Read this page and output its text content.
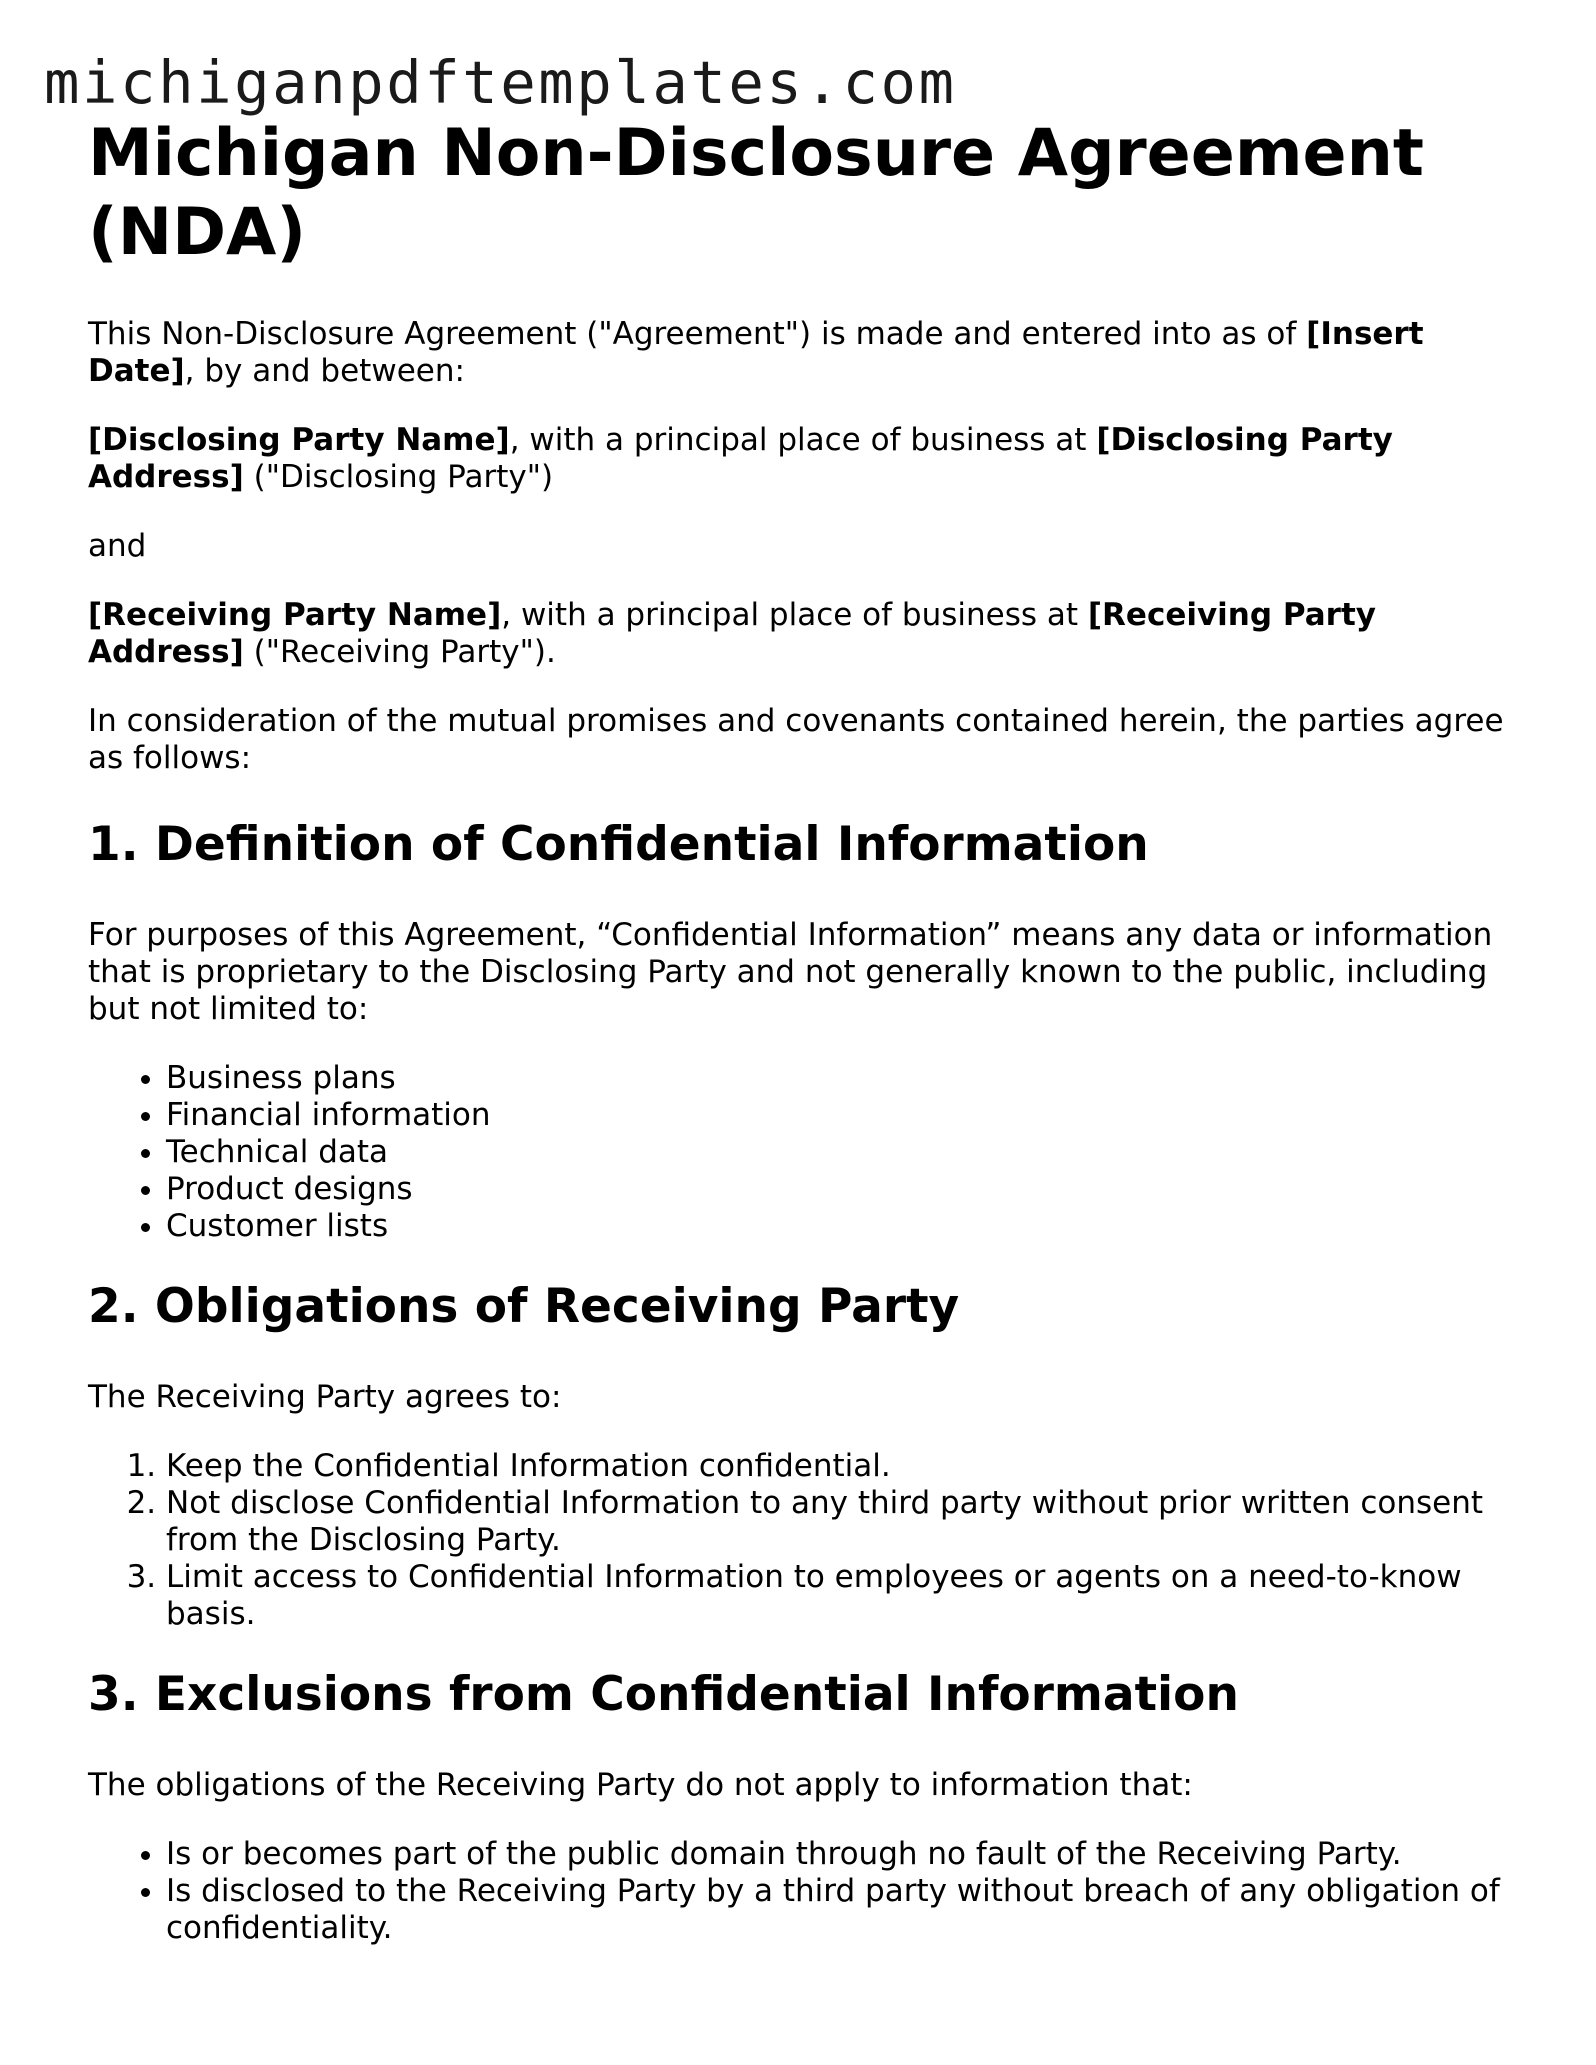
michiganpdftemplates.com
Michigan Non-Disclosure Agreement (NDA)

This Non-Disclosure Agreement ("Agreement") is made and entered into as of [Insert Date], by and between:

[Disclosing Party Name], with a principal place of business at [Disclosing Party Address] ("Disclosing Party")

and

[Receiving Party Name], with a principal place of business at [Receiving Party Address] ("Receiving Party").

In consideration of the mutual promises and covenants contained herein, the parties agree as follows:

1. Definition of Confidential Information

For purposes of this Agreement, “Confidential Information” means any data or information that is proprietary to the Disclosing Party and not generally known to the public, including but not limited to:

• Business plans
• Financial information
• Technical data
• Product designs
• Customer lists
2. Obligations of Receiving Party

The Receiving Party agrees to:

1. Keep the Confidential Information confidential.
2. Not disclose Confidential Information to any third party without prior written consent from the Disclosing Party.
3. Limit access to Confidential Information to employees or agents on a need-to-know basis.
3. Exclusions from Confidential Information

The obligations of the Receiving Party do not apply to information that:

• Is or becomes part of the public domain through no fault of the Receiving Party.
• Is disclosed to the Receiving Party by a third party without breach of any obligation of confidentiality.
